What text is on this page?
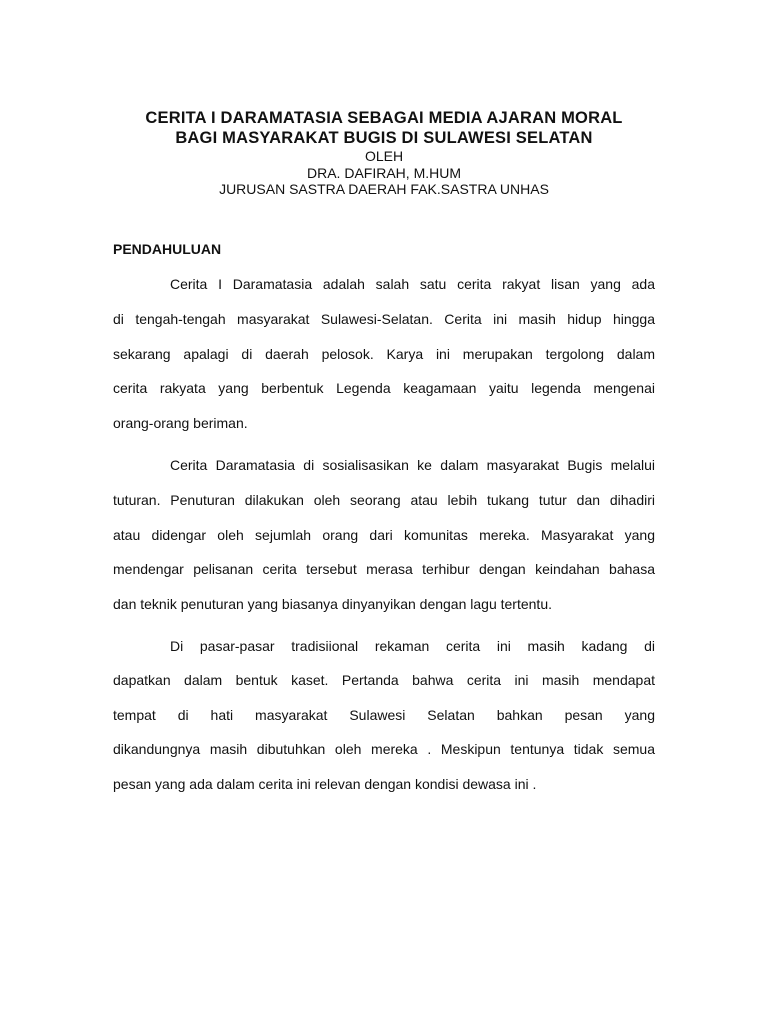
CERITA I DARAMATASIA SEBAGAI MEDIA AJARAN MORAL
BAGI MASYARAKAT BUGIS DI SULAWESI SELATAN
OLEH
DRA. DAFIRAH, M.HUM
JURUSAN SASTRA DAERAH FAK.SASTRA UNHAS
PENDAHULUAN
Cerita I Daramatasia adalah salah satu cerita rakyat lisan yang ada
di tengah-tengah masyarakat Sulawesi-Selatan. Cerita ini masih hidup hingga
sekarang apalagi di daerah pelosok. Karya ini merupakan tergolong dalam
cerita rakyata yang berbentuk Legenda keagamaan yaitu legenda mengenai
orang-orang beriman.
Cerita Daramatasia di sosialisasikan ke dalam masyarakat Bugis melalui
tuturan. Penuturan dilakukan oleh seorang atau lebih tukang tutur dan dihadiri
atau didengar oleh sejumlah orang dari komunitas mereka. Masyarakat yang
mendengar pelisanan cerita tersebut merasa terhibur dengan keindahan bahasa
dan teknik penuturan yang biasanya dinyanyikan dengan lagu tertentu.
Di pasar-pasar tradisiional rekaman cerita ini masih kadang di
dapatkan dalam bentuk kaset. Pertanda bahwa cerita ini masih mendapat
tempat di hati masyarakat Sulawesi Selatan bahkan pesan yang
dikandungnya masih dibutuhkan oleh mereka . Meskipun tentunya tidak semua
pesan yang ada dalam cerita ini relevan dengan kondisi dewasa ini .
